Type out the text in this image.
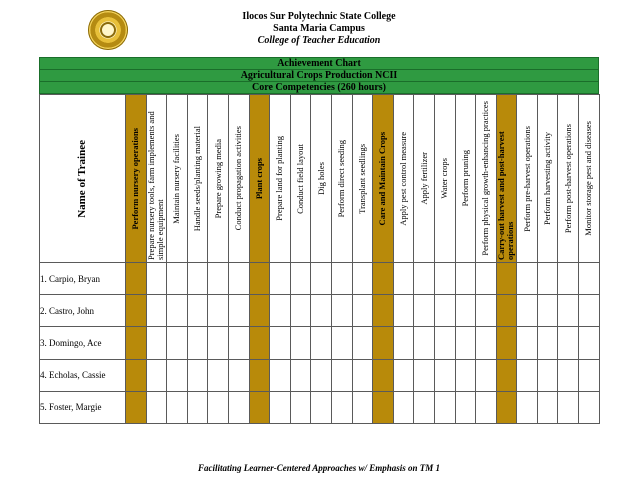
Ilocos Sur Polytechnic State College
Santa Maria Campus
College of Teacher Education
Achievement Chart
Agricultural Crops Production NCII
Core Competencies (260 hours)
Name of Trainee	Perform nursery operations	Prepare nursery tools, farm implements and simple equipment	Maintain nursery facilities	Handle seeds/planting material	Prepare growing media	Conduct propagation activities	Plant crops	Prepare land for planting	Conduct field layout	Dig holes	Perform direct seeding	Transplant seedlings	Care and Maintain Crops	Apply pest control measure	Apply fertilizer	Water crops	Perform pruning	Perform physical growth-enhancing practices	Carry-out harvest and post-harvest operations	Perform pre-harvest operations	Perform harvesting activity	Perform post-harvest operations	Monitor storage pest and diseases

1. Carpio, Bryan																							
2. Castro, John																							
3. Domingo, Ace																							
4. Echolas, Cassie																							
5. Foster, Margie																							
Facilitating Learner-Centered Approaches w/ Emphasis on TM 1
